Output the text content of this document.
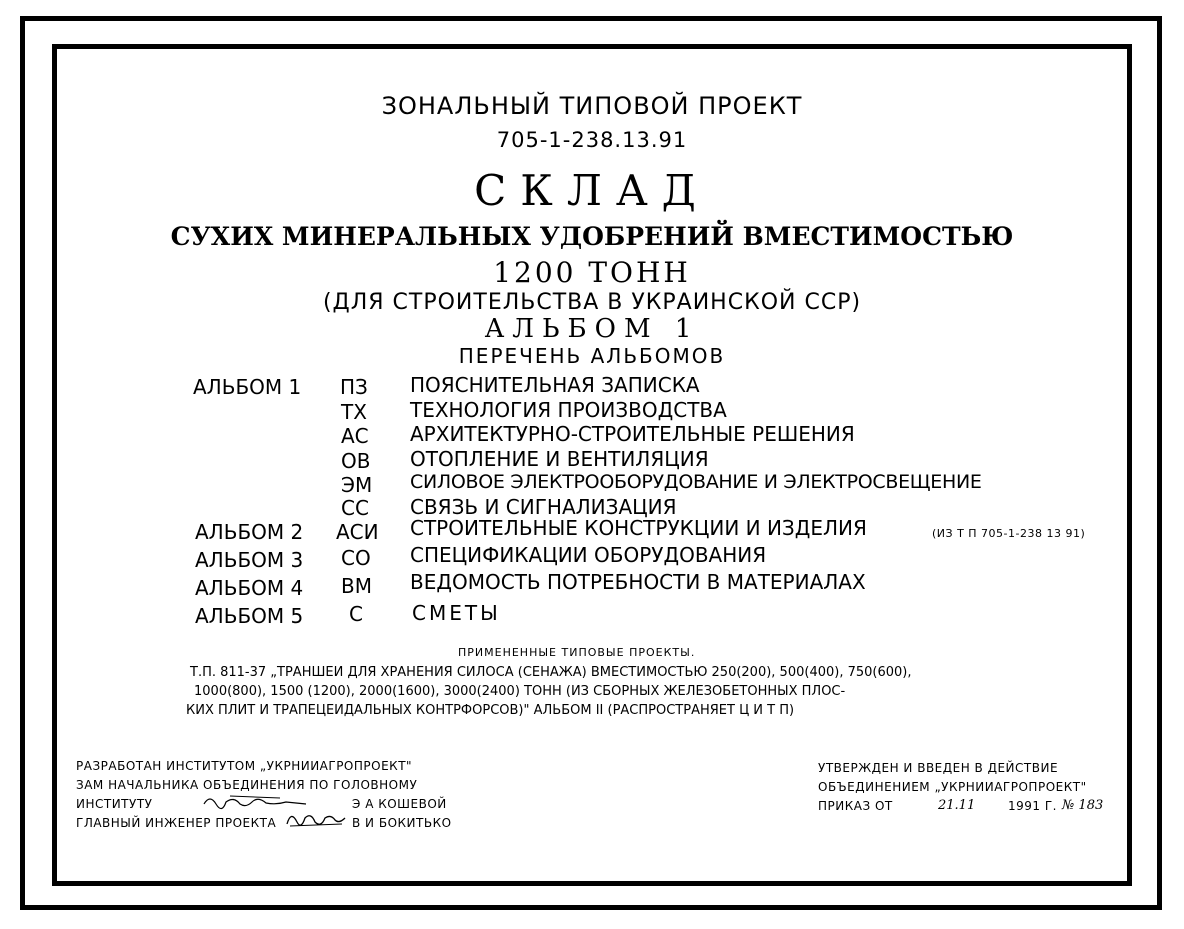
ЗОНАЛЬНЫЙ ТИПОВОЙ ПРОЕКТ
705-1-238.13.91
СКЛАД
СУХИХ МИНЕРАЛЬНЫХ УДОБРЕНИЙ ВМЕСТИМОСТЬЮ
1200 ТОНН
(ДЛЯ СТРОИТЕЛЬСТВА В УКРАИНСКОЙ ССР)
АЛЬБОМ 1
ПЕРЕЧЕНЬ АЛЬБОМОВ
АЛЬБОМ 1 ПЗ ПОЯСНИТЕЛЬНАЯ ЗАПИСКА
ТХ ТЕХНОЛОГИЯ ПРОИЗВОДСТВА
АС АРХИТЕКТУРНО-СТРОИТЕЛЬНЫЕ РЕШЕНИЯ
ОВ ОТОПЛЕНИЕ И ВЕНТИЛЯЦИЯ
ЭМ СИЛОВОЕ ЭЛЕКТРООБОРУДОВАНИЕ И ЭЛЕКТРОСВЕЩЕНИЕ
СС СВЯЗЬ И СИГНАЛИЗАЦИЯ
АЛЬБОМ 2 АСИ СТРОИТЕЛЬНЫЕ КОНСТРУКЦИИ И ИЗДЕЛИЯ	(ИЗ Т П 705-1-238 13 91)
АЛЬБОМ 3 СО СПЕЦИФИКАЦИИ ОБОРУДОВАНИЯ
АЛЬБОМ 4 ВМ ВЕДОМОСТЬ ПОТРЕБНОСТИ В МАТЕРИАЛАХ
АЛЬБОМ 5 С СМЕТЫ
ПРИМЕНЕННЫЕ ТИПОВЫЕ ПРОЕКТЫ.
Т.П. 811-37 „ТРАНШЕИ ДЛЯ ХРАНЕНИЯ СИЛОСА (СЕНАЖА) ВМЕСТИМОСТЬЮ 250(200), 500(400), 750(600),
1000(800), 1500 (1200), 2000(1600), 3000(2400) ТОНН (ИЗ СБОРНЫХ ЖЕЛЕЗОБЕТОННЫХ ПЛОС-
КИХ ПЛИТ И ТРАПЕЦЕИДАЛЬНЫХ КОНТРФОРСОВ)" АЛЬБОМ II (РАСПРОСТРАНЯЕТ Ц И Т П)
РАЗРАБОТАН ИНСТИТУТОМ „УКРНИИАГРОПРОЕКТ"
ЗАМ НАЧАЛЬНИКА ОБЪЕДИНЕНИЯ ПО ГОЛОВНОМУ
ИНСТИТУТУ	Э А КОШЕВОЙ
ГЛАВНЫЙ ИНЖЕНЕР ПРОЕКТА	В И БОКИТЬКО
УТВЕРЖДЕН И ВВЕДЕН В ДЕЙСТВИЕ
ОБЪЕДИНЕНИЕМ „УКРНИИАГРОПРОЕКТ"
ПРИКАЗ ОТ	21.11	1991 Г. № 183
